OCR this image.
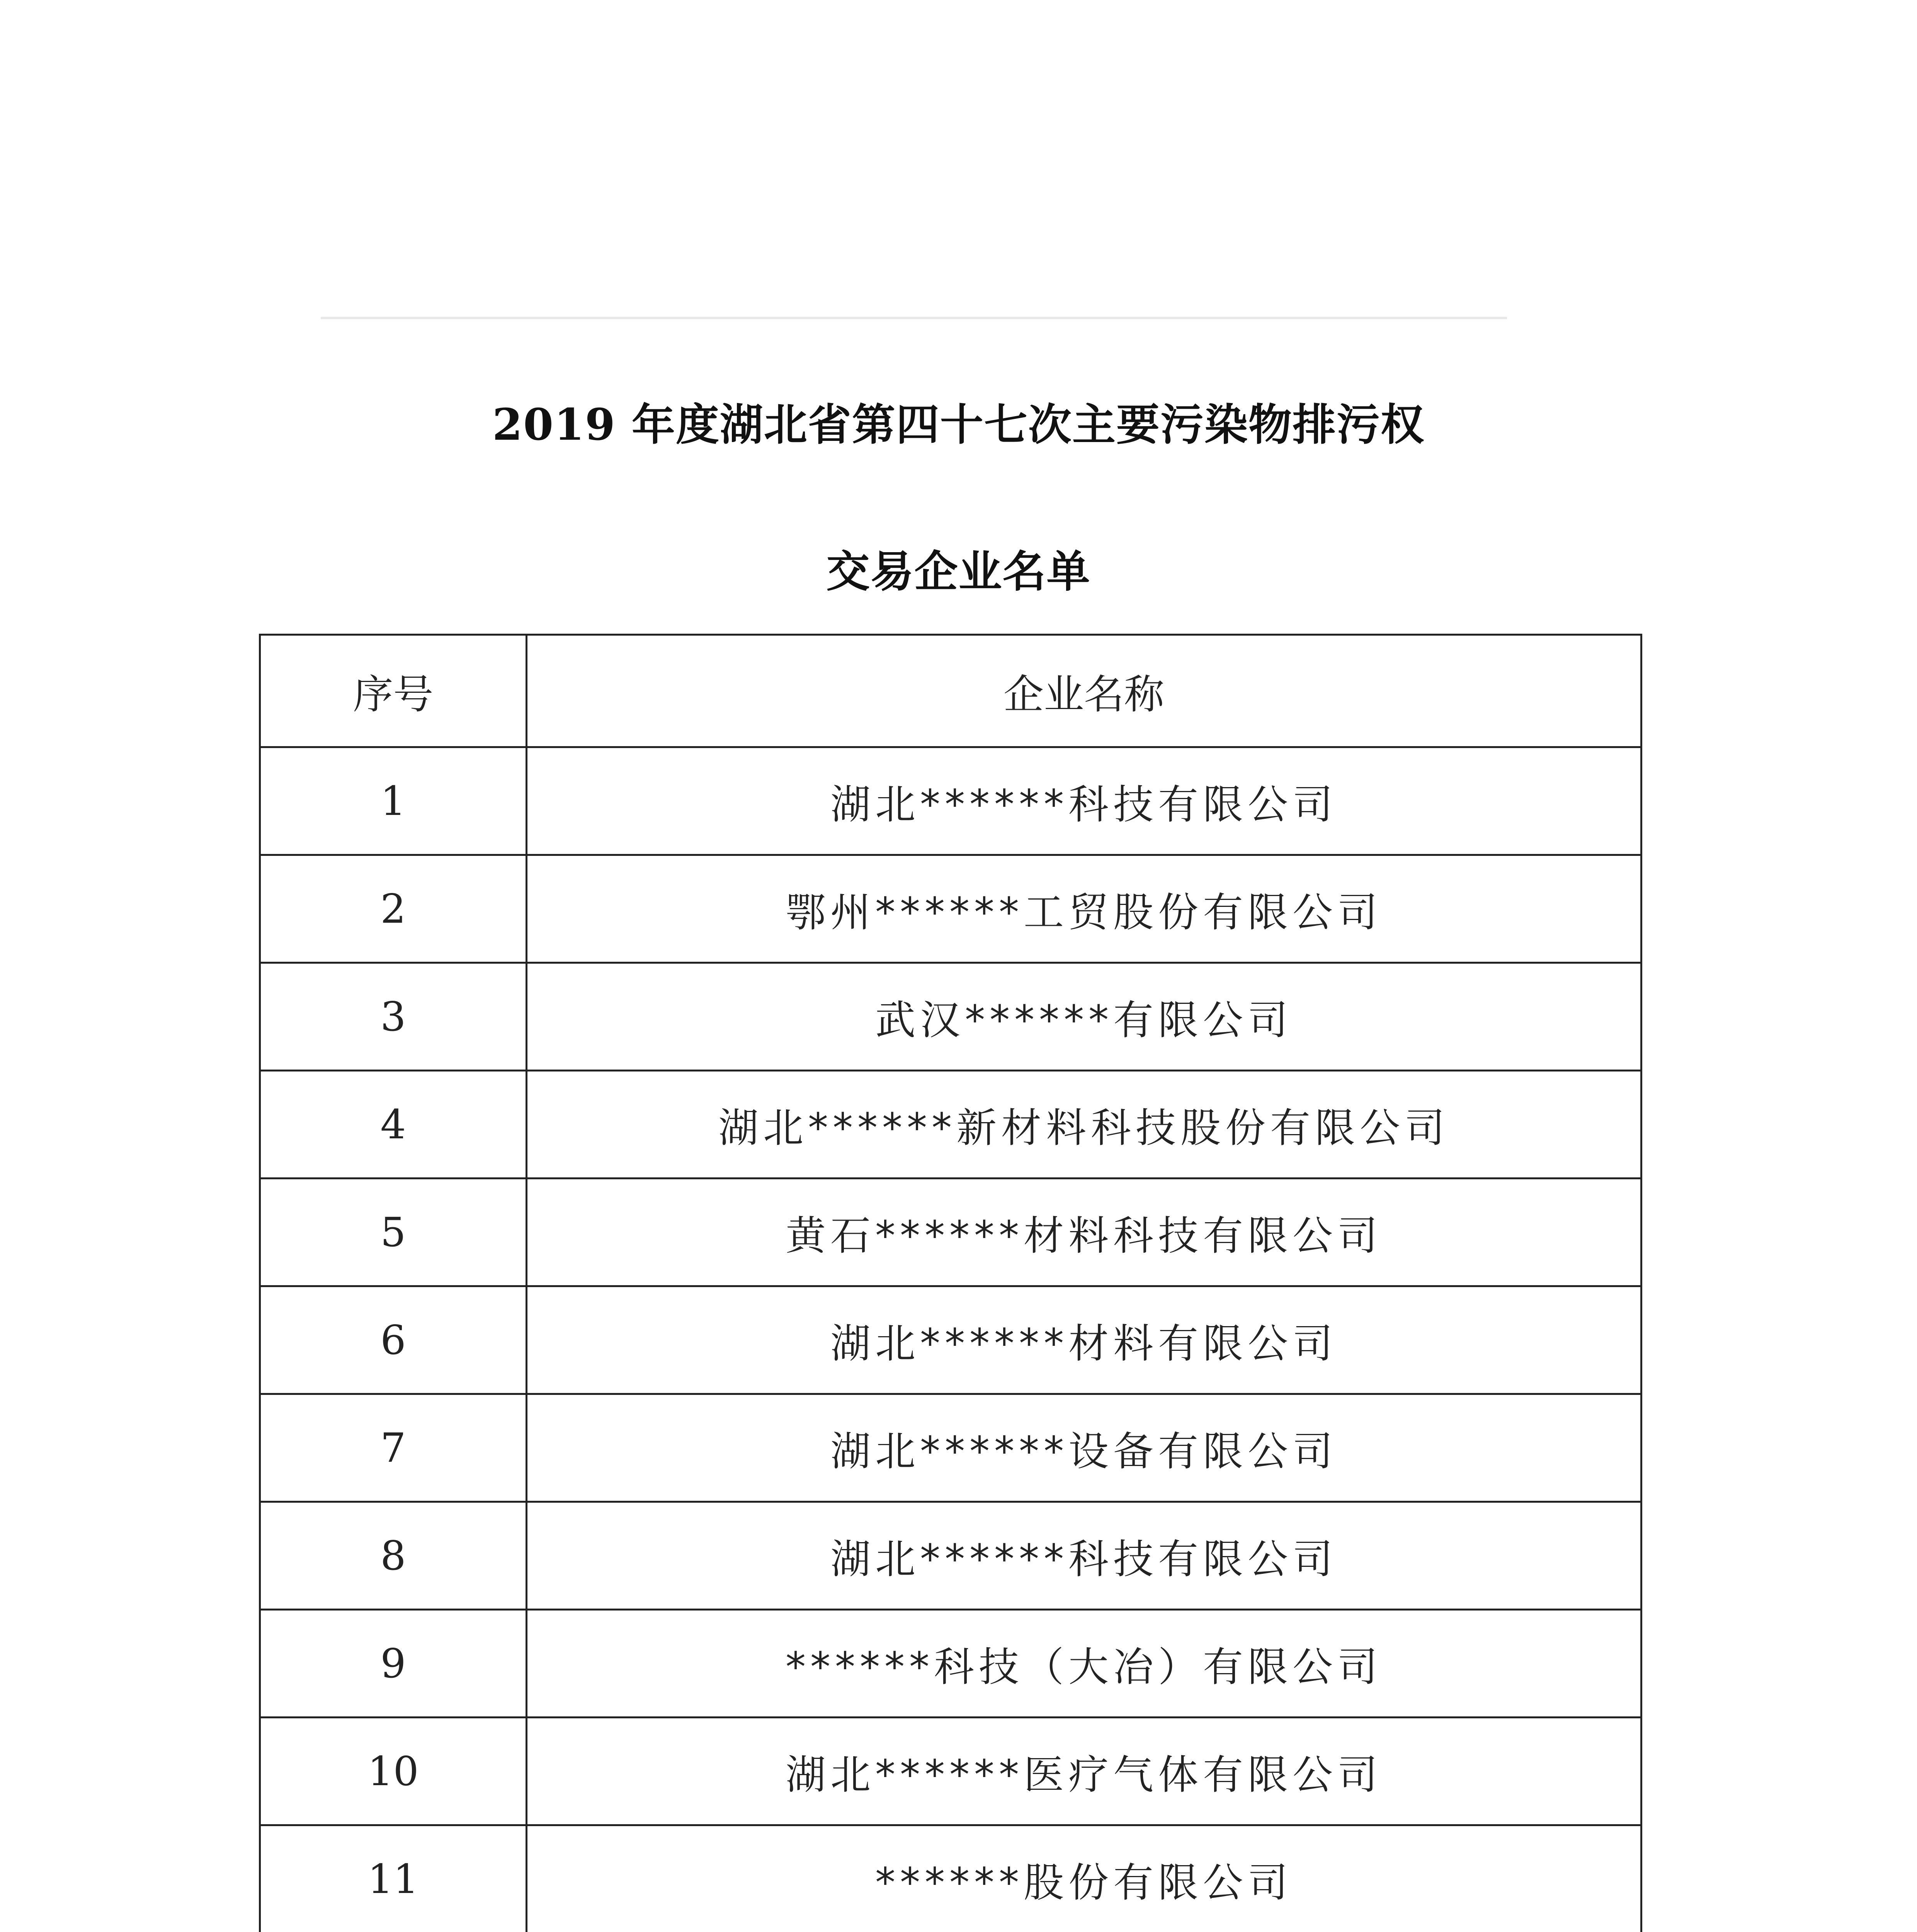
2019 年度湖北省第四十七次主要污染物排污权
交易企业名单
序号	企业名称
1	湖北******科技有限公司
2	鄂州******工贸股份有限公司
3	武汉******有限公司
4	湖北******新材料科技股份有限公司
5	黄石******材料科技有限公司
6	湖北******材料有限公司
7	湖北******设备有限公司
8	湖北******科技有限公司
9	******科技（大冶）有限公司
10	湖北******医疗气体有限公司
11	******股份有限公司
